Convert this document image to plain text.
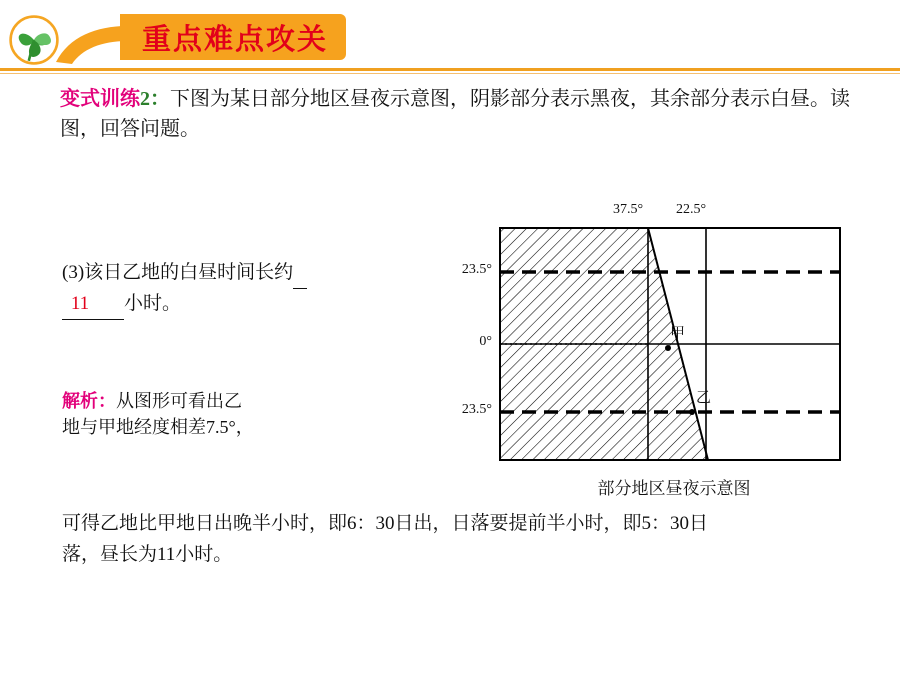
重点难点攻关
变式训练2：下图为某日部分地区昼夜示意图，阴影部分表示黑夜，其余部分表示白昼。读图，回答问题。
(3)该日乙地的白昼时间长约
11 小时。
解析：从图形可看出乙
地与甲地经度相差7.5°，
可得乙地比甲地日出晚半小时，即6：30日出，日落要提前半小时，即5：30日
落，昼长为11小时。
37.5° 22.5°
23.5°
0°
23.5°
甲
乙
部分地区昼夜示意图
